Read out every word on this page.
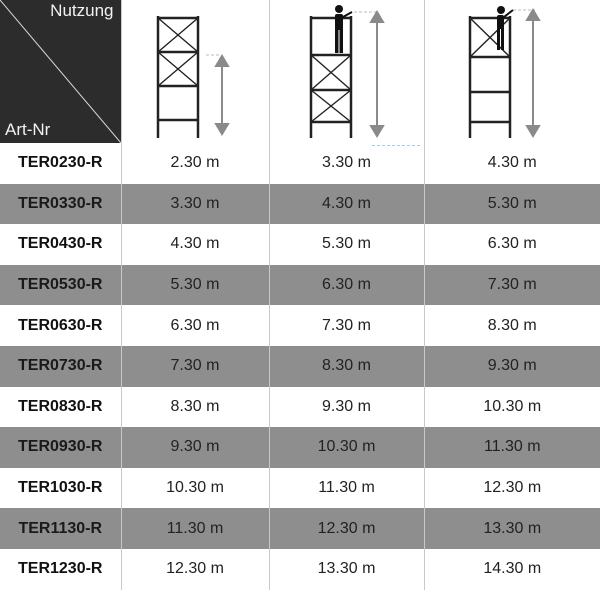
Nutzung
Art-Nr

TER0230-R	2.30 m	3.30 m	4.30 m
TER0330-R	3.30 m	4.30 m	5.30 m
TER0430-R	4.30 m	5.30 m	6.30 m
TER0530-R	5.30 m	6.30 m	7.30 m
TER0630-R	6.30 m	7.30 m	8.30 m
TER0730-R	7.30 m	8.30 m	9.30 m
TER0830-R	8.30 m	9.30 m	10.30 m
TER0930-R	9.30 m	10.30 m	11.30 m
TER1030-R	10.30 m	11.30 m	12.30 m
TER1130-R	11.30 m	12.30 m	13.30 m
TER1230-R	12.30 m	13.30 m	14.30 m
